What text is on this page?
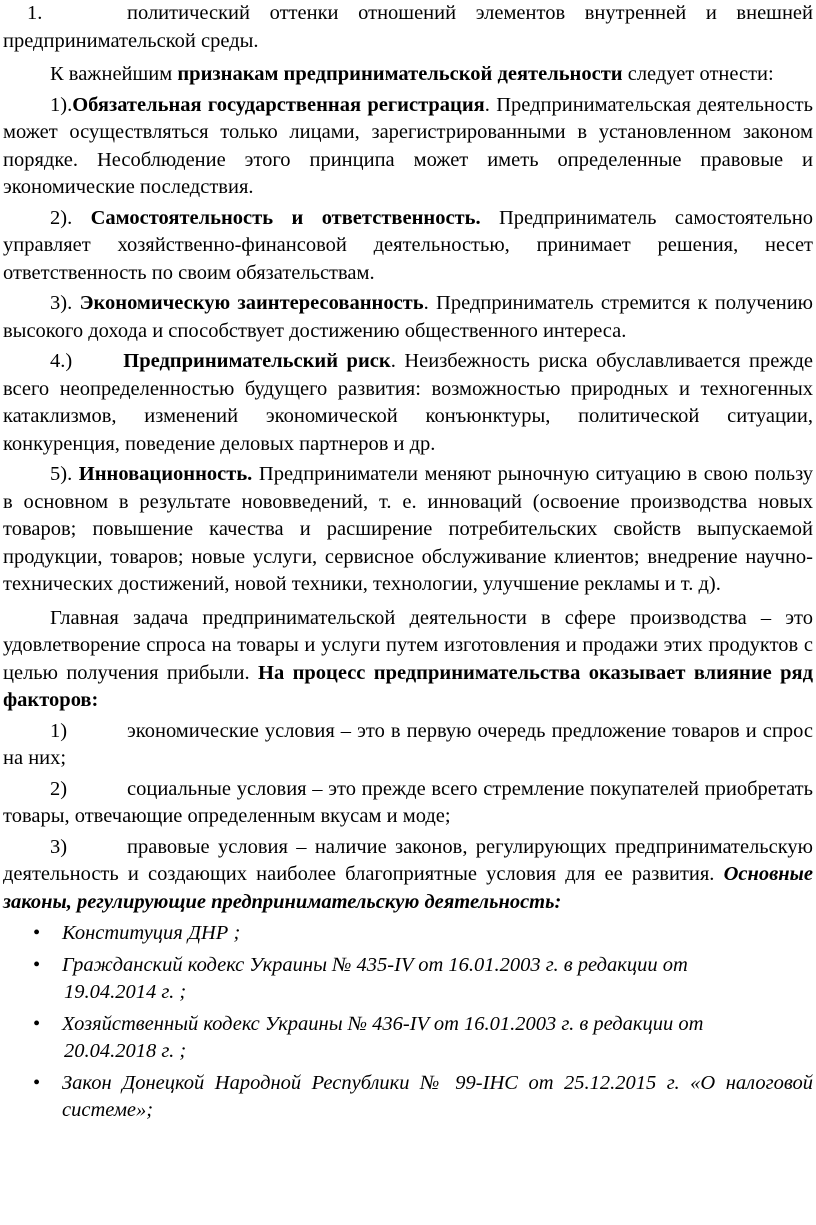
1.	политический оттенки отношений элементов внутренней и внешней

предпринимательской среды.

К важнейшим признакам предпринимательской деятельности следует отнести:

1).Обязательная государственная регистрация. Предпринимательская деятельность может осуществляться только лицами, зарегистрированными в установленном законом порядке. Несоблюдение этого принципа может иметь определенные правовые и экономические последствия.

2). Самостоятельность и ответственность. Предприниматель самостоятельно управляет хозяйственно-финансовой деятельностью, принимает решения, несет ответственность по своим обязательствам.

3). Экономическую заинтересованность. Предприниматель стремится к получению высокого дохода и способствует достижению общественного интереса.

4.)      Предпринимательский риск. Неизбежность риска обуславливается прежде всего неопределенностью будущего развития: возможностью природных и техногенных катаклизмов, изменений экономической конъюнктуры, политической ситуации, конкуренция, поведение деловых партнеров и др.

5). Инновационность. Предприниматели меняют рыночную ситуацию в свою пользу в основном в результате нововведений, т. е. инноваций (освоение производства новых товаров; повышение качества и расширение потребительских свойств выпускаемой продукции, товаров; новые услуги, сервисное обслуживание клиентов; внедрение научно-технических достижений, новой техники, технологии, улучшение рекламы и т. д).

Главная задача предпринимательской деятельности в сфере производства – это удовлетворение спроса на товары и услуги путем изготовления и продажи этих продуктов с целью получения прибыли. На процесс предпринимательства оказывает влияние ряд факторов:

1)	экономические условия – это в первую очередь предложение товаров и спрос на них;

2)	социальные условия – это прежде всего стремление покупателей приобретать товары, отвечающие определенным вкусам и моде;

3)	правовые условия – наличие законов, регулирующих предпринимательскую деятельность и создающих наиболее благоприятные условия для ее развития. Основные законы, регулирующие предпринимательскую деятельность:

• Конституция ДНР ;
• Гражданский кодекс Украины № 435-IV от 16.01.2003 г. в редакции от
19.04.2014 г. ;
• Хозяйственный кодекс Украины № 436-IV от 16.01.2003 г. в редакции от
20.04.2018 г. ;
• Закон Донецкой Народной Республики № 99-IHC от 25.12.2015 г. «О налоговой системе»;
